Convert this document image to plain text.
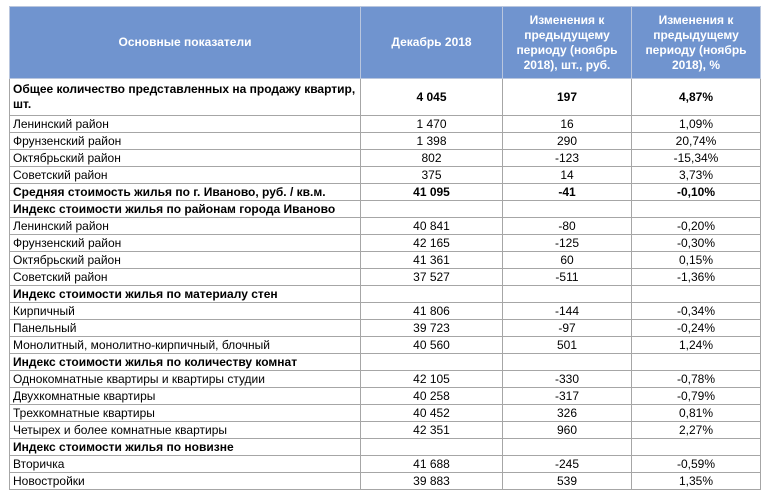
Основные показатели	Декабрь 2018	Изменения к предыдущему периоду (ноябрь 2018), шт., руб.	Изменения к предыдущему периоду (ноябрь 2018), %
Общее количество представленных на продажу квартир, шт.	4 045	197	4,87%
Ленинский район	1 470	16	1,09%
Фрунзенский район	1 398	290	20,74%
Октябрьский район	802	-123	-15,34%
Советский район	375	14	3,73%
Средняя стоимость жилья по г. Иваново, руб. / кв.м.	41 095	-41	-0,10%
Индекс стоимости жилья по районам города Иваново			
Ленинский район	40 841	-80	-0,20%
Фрунзенский район	42 165	-125	-0,30%
Октябрьский район	41 361	60	0,15%
Советский район	37 527	-511	-1,36%
Индекс стоимости жилья по материалу стен			
Кирпичный	41 806	-144	-0,34%
Панельный	39 723	-97	-0,24%
Монолитный, монолитно-кирпичный, блочный	40 560	501	1,24%
Индекс стоимости жилья по количеству комнат			
Однокомнатные квартиры и квартиры студии	42 105	-330	-0,78%
Двухкомнатные квартиры	40 258	-317	-0,79%
Трехкомнатные квартиры	40 452	326	0,81%
Четырех и более комнатные квартиры	42 351	960	2,27%
Индекс стоимости жилья по новизне			
Вторичка	41 688	-245	-0,59%
Новостройки	39 883	539	1,35%
